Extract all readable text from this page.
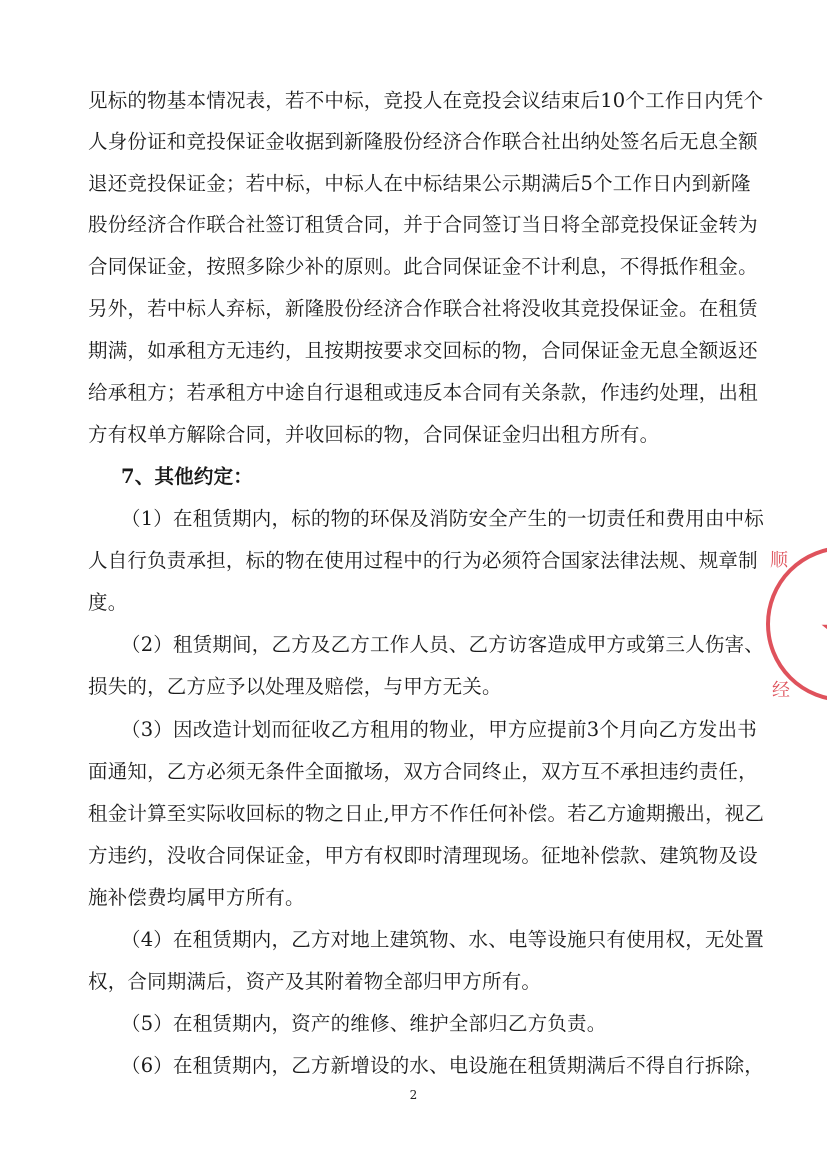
见标的物基本情况表，若不中标，竞投人在竞投会议结束后10个工作日内凭个
人身份证和竞投保证金收据到新隆股份经济合作联合社出纳处签名后无息全额
退还竞投保证金；若中标，中标人在中标结果公示期满后5个工作日内到新隆
股份经济合作联合社签订租赁合同，并于合同签订当日将全部竞投保证金转为
合同保证金，按照多除少补的原则。此合同保证金不计利息，不得抵作租金。
另外，若中标人弃标，新隆股份经济合作联合社将没收其竞投保证金。在租赁
期满，如承租方无违约，且按期按要求交回标的物，合同保证金无息全额返还
给承租方；若承租方中途自行退租或违反本合同有关条款，作违约处理，出租
方有权单方解除合同，并收回标的物，合同保证金归出租方所有。
7、其他约定：
（1）在租赁期内，标的物的环保及消防安全产生的一切责任和费用由中标
人自行负责承担，标的物在使用过程中的行为必须符合国家法律法规、规章制
度。
（2）租赁期间，乙方及乙方工作人员、乙方访客造成甲方或第三人伤害、
损失的，乙方应予以处理及赔偿，与甲方无关。
（3）因改造计划而征收乙方租用的物业，甲方应提前3个月向乙方发出书
面通知，乙方必须无条件全面撤场，双方合同终止，双方互不承担违约责任，
租金计算至实际收回标的物之日止,甲方不作任何补偿。若乙方逾期搬出，视乙
方违约，没收合同保证金，甲方有权即时清理现场。征地补偿款、建筑物及设
施补偿费均属甲方所有。
（4）在租赁期内，乙方对地上建筑物、水、电等设施只有使用权，无处置
权，合同期满后，资产及其附着物全部归甲方所有。
（5）在租赁期内，资产的维修、维护全部归乙方负责。
（6）在租赁期内，乙方新增设的水、电设施在租赁期满后不得自行拆除，
2
顺
经
